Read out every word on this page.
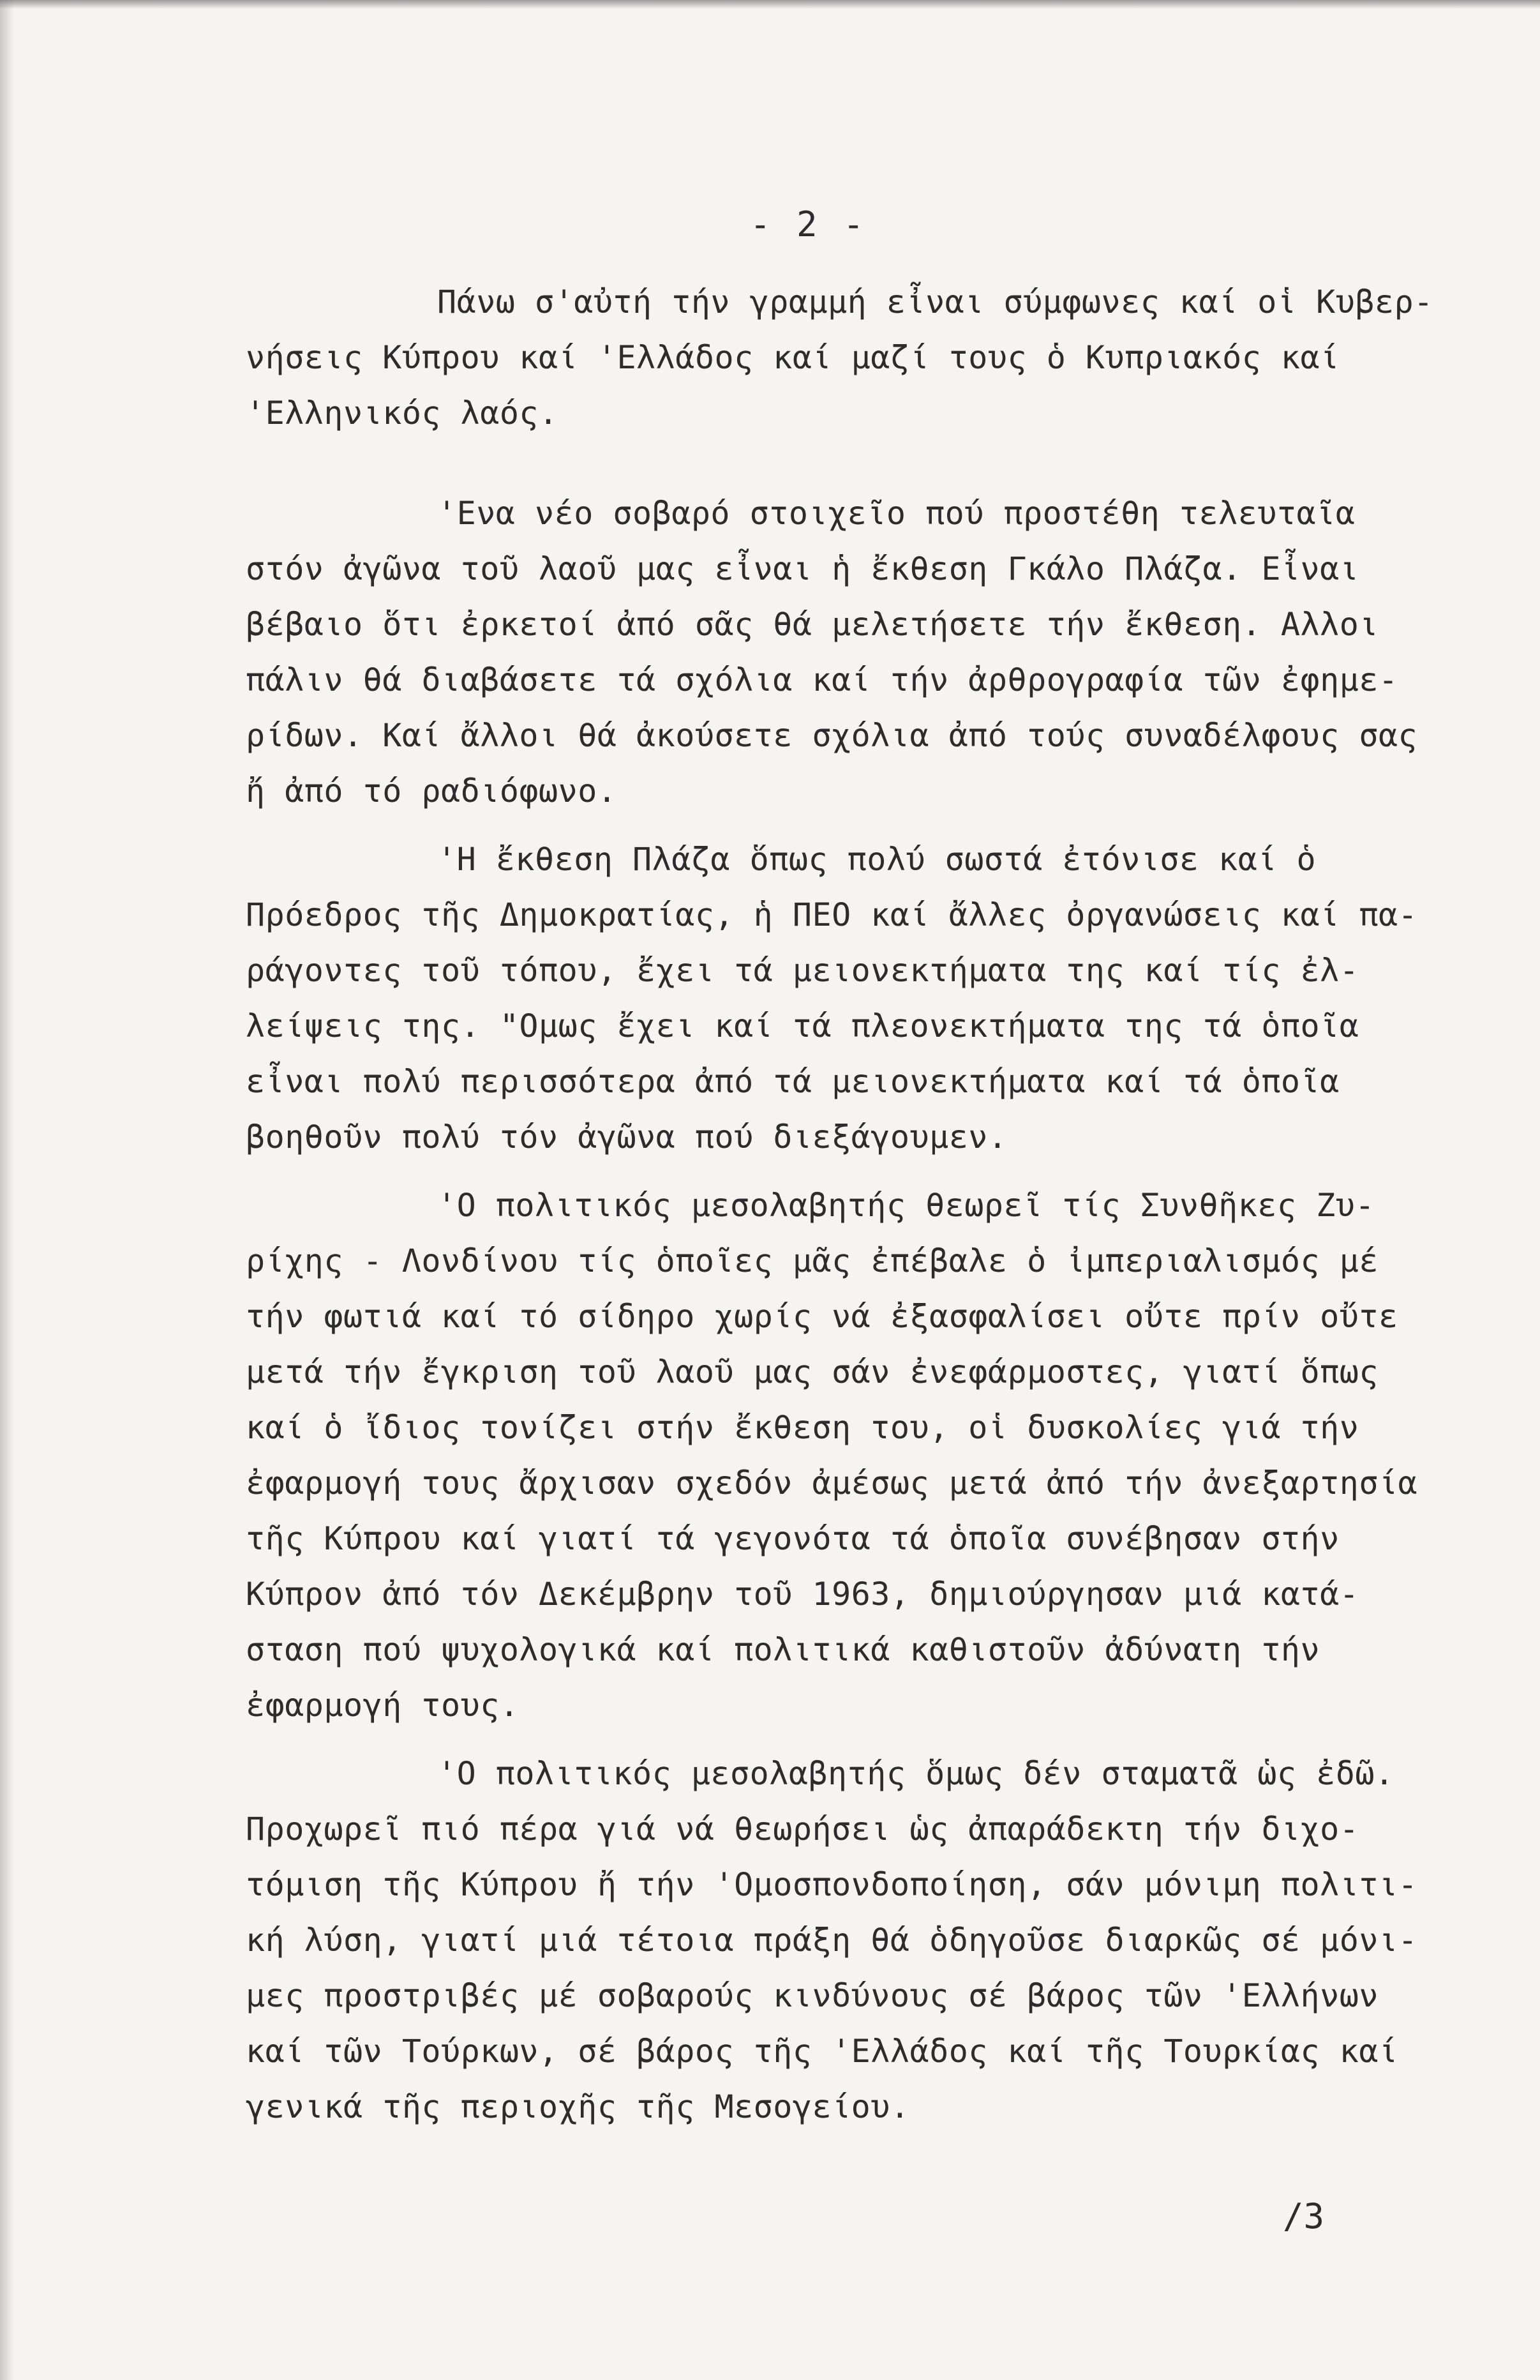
- 2 -
Πάνω σ'αὐτή τήν γραμμή εἶναι σύμφωνες καί οἱ Κυβερ-
νήσεις Κύπρου καί 'Ελλάδος καί μαζί τους ὁ Κυπριακός καί
'Ελληνικός λαός.
'Ενα νέο σοβαρό στοιχεῖο πού προστέθη τελευταῖα
στόν ἀγῶνα τοῦ λαοῦ μας εἶναι ἡ ἔκθεση Γκάλο Πλάζα. Εἶναι
βέβαιο ὅτι ἐρκετοί ἀπό σᾶς θά μελετήσετε τήν ἔκθεση. Αλλοι
πάλιν θά διαβάσετε τά σχόλια καί τήν ἀρθρογραφία τῶν ἐφημε-
ρίδων. Καί ἄλλοι θά ἀκούσετε σχόλια ἀπό τούς συναδέλφους σας
ἤ ἀπό τό ραδιόφωνο.
'Η ἔκθεση Πλάζα ὅπως πολύ σωστά ἐτόνισε καί ὁ
Πρόεδρος τῆς Δημοκρατίας, ἡ ΠΕΟ καί ἄλλες ὀργανώσεις καί πα-
ράγοντες τοῦ τόπου, ἔχει τά μειονεκτήματα της καί τίς ἐλ-
λείψεις της. "Ομως ἔχει καί τά πλεονεκτήματα της τά ὁποῖα
εἶναι πολύ περισσότερα ἀπό τά μειονεκτήματα καί τά ὁποῖα
βοηθοῦν πολύ τόν ἀγῶνα πού διεξάγουμεν.
'Ο πολιτικός μεσολαβητής θεωρεῖ τίς Συνθῆκες Ζυ-
ρίχης - Λονδίνου τίς ὁποῖες μᾶς ἐπέβαλε ὁ ἰμπεριαλισμός μέ
τήν φωτιά καί τό σίδηρο χωρίς νά ἐξασφαλίσει οὔτε πρίν οὔτε
μετά τήν ἔγκριση τοῦ λαοῦ μας σάν ἐνεφάρμοστες, γιατί ὅπως
καί ὁ ἴδιος τονίζει στήν ἔκθεση του, οἱ δυσκολίες γιά τήν
ἐφαρμογή τους ἄρχισαν σχεδόν ἀμέσως μετά ἀπό τήν ἀνεξαρτησία
τῆς Κύπρου καί γιατί τά γεγονότα τά ὁποῖα συνέβησαν στήν
Κύπρον ἀπό τόν Δεκέμβρην τοῦ 1963, δημιούργησαν μιά κατά-
σταση πού ψυχολογικά καί πολιτικά καθιστοῦν ἀδύνατη τήν
ἐφαρμογή τους.
'Ο πολιτικός μεσολαβητής ὅμως δέν σταματᾶ ὡς ἐδῶ.
Προχωρεῖ πιό πέρα γιά νά θεωρήσει ὡς ἀπαράδεκτη τήν διχο-
τόμιση τῆς Κύπρου ἤ τήν 'Ομοσπονδοποίηση, σάν μόνιμη πολιτι-
κή λύση, γιατί μιά τέτοια πράξη θά ὁδηγοῦσε διαρκῶς σέ μόνι-
μες προστριβές μέ σοβαρούς κινδύνους σέ βάρος τῶν 'Ελλήνων
καί τῶν Τούρκων, σέ βάρος τῆς 'Ελλάδος καί τῆς Τουρκίας καί
γενικά τῆς περιοχῆς τῆς Μεσογείου.
/3
